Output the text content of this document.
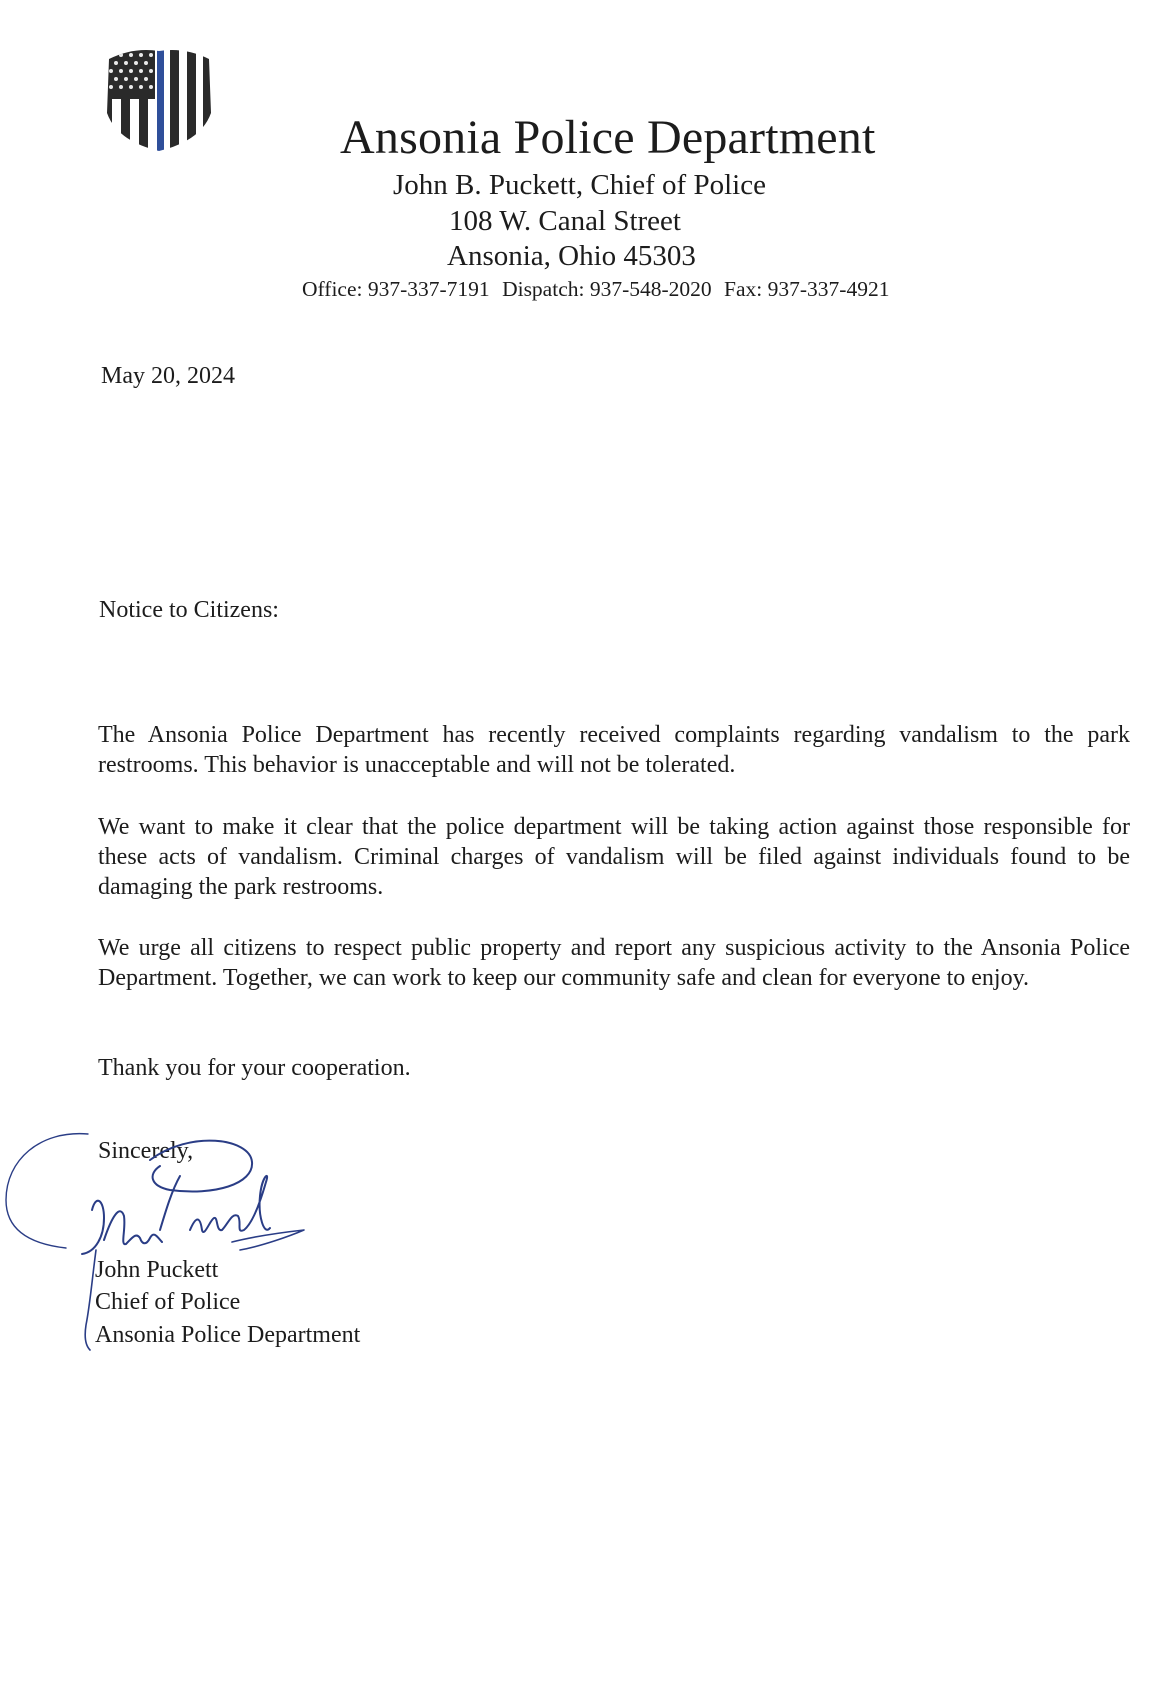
Ansonia Police Department
John B. Puckett, Chief of Police
108 W. Canal Street
Ansonia, Ohio 45303
Office: 937-337-7191 Dispatch: 937-548-2020 Fax: 937-337-4921
May 20, 2024
Notice to Citizens:

The Ansonia Police Department has recently received complaints regarding vandalism to the park restrooms. This behavior is unacceptable and will not be tolerated.

We want to make it clear that the police department will be taking action against those responsible for these acts of vandalism. Criminal charges of vandalism will be filed against individuals found to be damaging the park restrooms.

We urge all citizens to respect public property and report any suspicious activity to the Ansonia Police Department. Together, we can work to keep our community safe and clean for everyone to enjoy.

Thank you for your cooperation.

Sincerely,
John Puckett
Chief of Police
Ansonia Police Department
